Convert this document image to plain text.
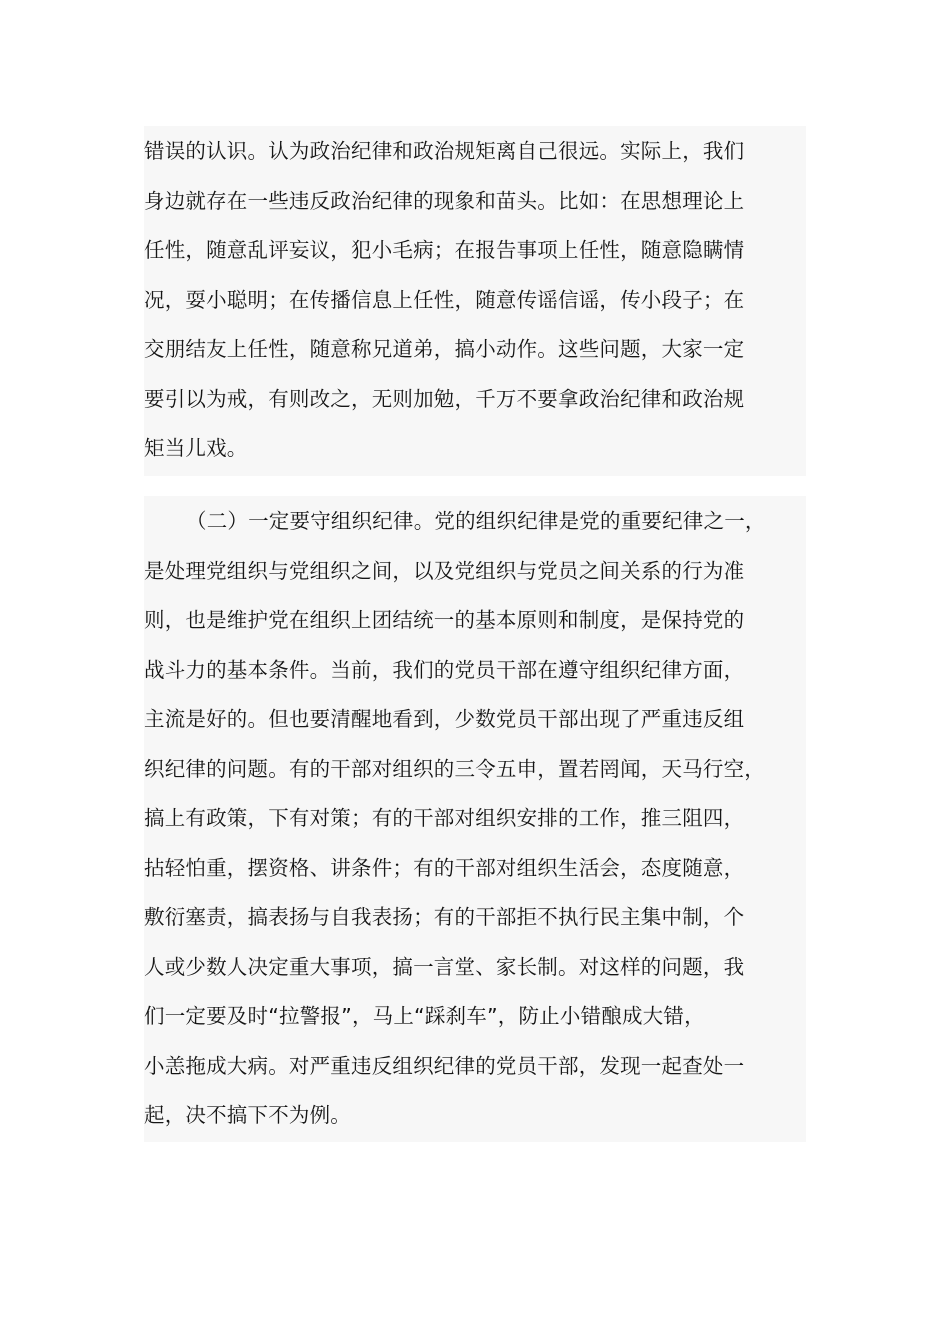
错误的认识。认为政治纪律和政治规矩离自己很远。实际上，我们
身边就存在一些违反政治纪律的现象和苗头。比如：在思想理论上
任性，随意乱评妄议，犯小毛病；在报告事项上任性，随意隐瞒情
况，耍小聪明；在传播信息上任性，随意传谣信谣，传小段子；在
交朋结友上任性，随意称兄道弟，搞小动作。这些问题，大家一定
要引以为戒，有则改之，无则加勉，千万不要拿政治纪律和政治规
矩当儿戏。
（二）一定要守组织纪律。党的组织纪律是党的重要纪律之一，
是处理党组织与党组织之间，以及党组织与党员之间关系的行为准
则，也是维护党在组织上团结统一的基本原则和制度，是保持党的
战斗力的基本条件。当前，我们的党员干部在遵守组织纪律方面，
主流是好的。但也要清醒地看到，少数党员干部出现了严重违反组
织纪律的问题。有的干部对组织的三令五申，置若罔闻，天马行空，
搞上有政策，下有对策；有的干部对组织安排的工作，推三阻四，
拈轻怕重，摆资格、讲条件；有的干部对组织生活会，态度随意，
敷衍塞责，搞表扬与自我表扬；有的干部拒不执行民主集中制，个
人或少数人决定重大事项，搞一言堂、家长制。对这样的问题，我
们一定要及时“拉警报”，马上“踩刹车”，防止小错酿成大错，
小恙拖成大病。对严重违反组织纪律的党员干部，发现一起查处一
起，决不搞下不为例。
